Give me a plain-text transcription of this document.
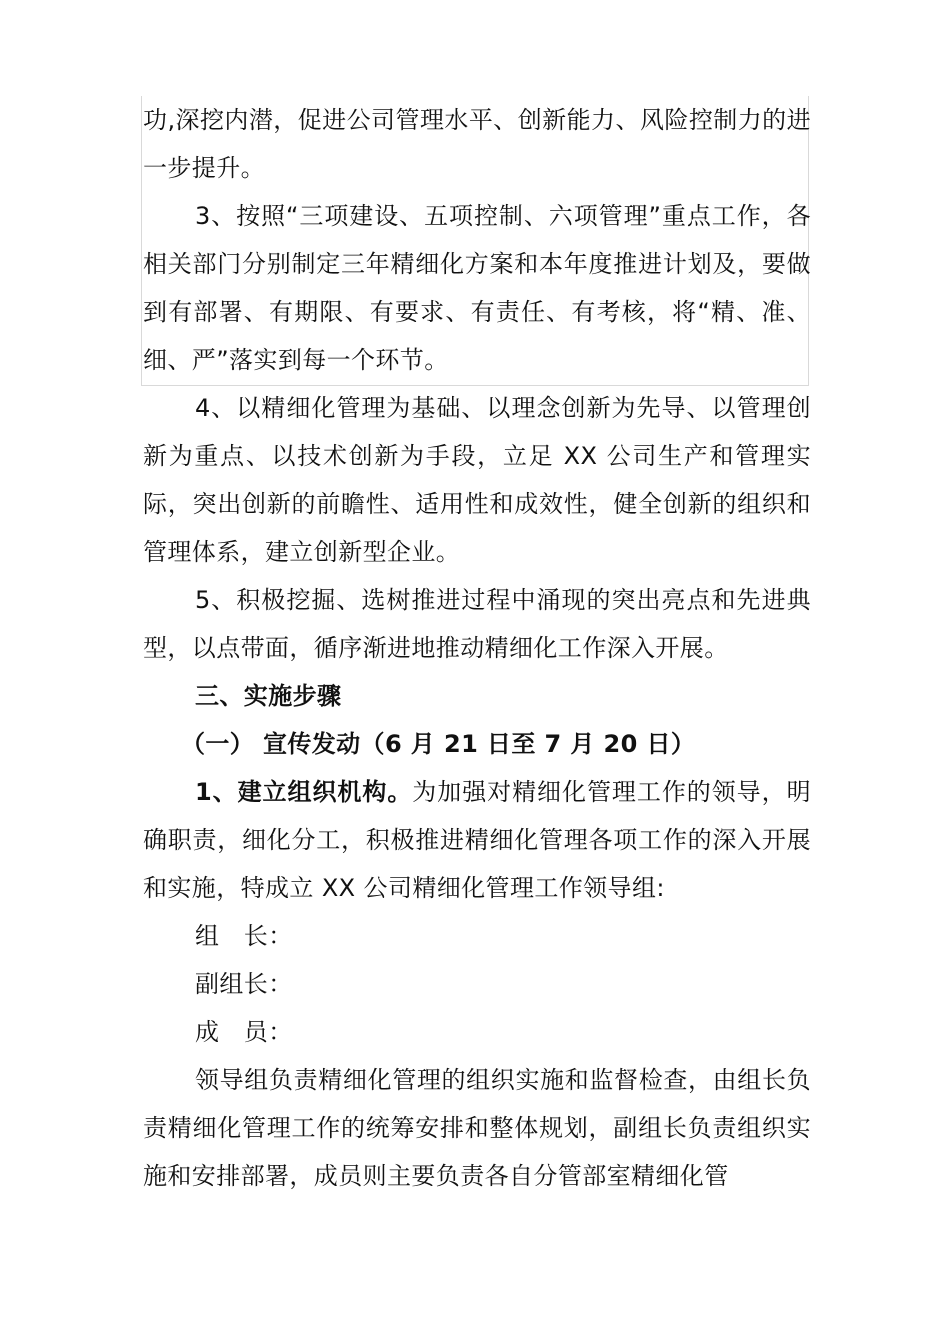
功,深挖内潜，促进公司管理水平、创新能力、风险控制力的进一步提升。

3、按照“三项建设、五项控制、六项管理”重点工作，各相关部门分别制定三年精细化方案和本年度推进计划及，要做到有部署、有期限、有要求、有责任、有考核，将“精、准、细、严”落实到每一个环节。

4、以精细化管理为基础、以理念创新为先导、以管理创新为重点、以技术创新为手段，立足 XX 公司生产和管理实际，突出创新的前瞻性、适用性和成效性，健全创新的组织和管理体系，建立创新型企业。

5、积极挖掘、选树推进过程中涌现的突出亮点和先进典型，以点带面，循序渐进地推动精细化工作深入开展。

三、实施步骤

（一） 宣传发动（6 月 21 日至 7 月 20 日）

1、建立组织机构。为加强对精细化管理工作的领导，明确职责，细化分工，积极推进精细化管理各项工作的深入开展和实施，特成立 XX 公司精细化管理工作领导组:

组　长：

副组长：

成　员：

领导组负责精细化管理的组织实施和监督检查，由组长负责精细化管理工作的统筹安排和整体规划，副组长负责组织实施和安排部署，成员则主要负责各自分管部室精细化管
